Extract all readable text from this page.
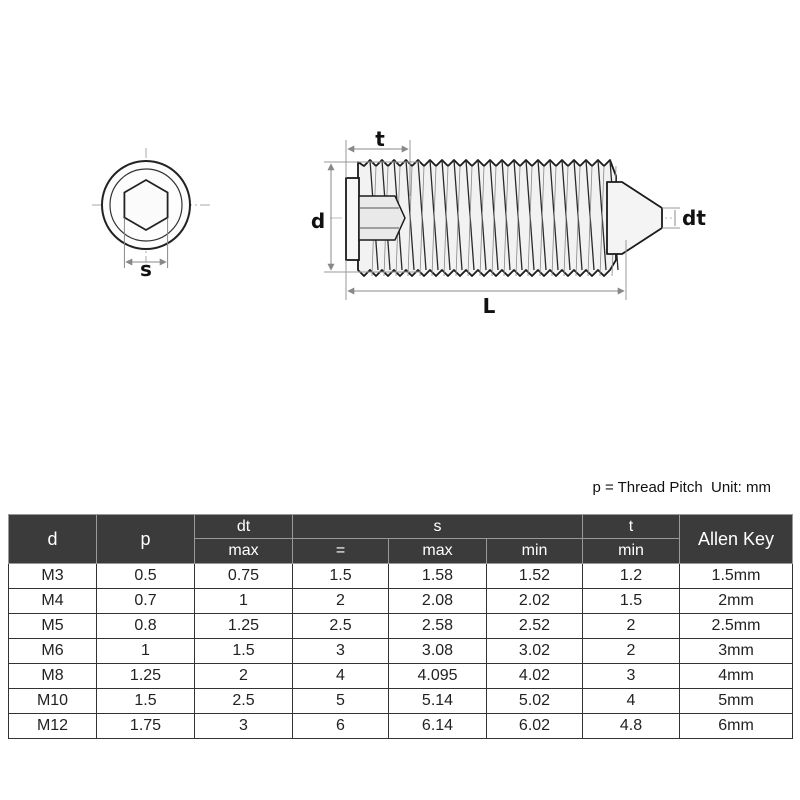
s
t
d	dt
L
p = Thread Pitch  Unit: mm
d	p	dt	s			t	Allen Key
		max	=	max	min	min	
M3	0.5	0.75	1.5	1.58	1.52	1.2	1.5mm
M4	0.7	1	2	2.08	2.02	1.5	2mm
M5	0.8	1.25	2.5	2.58	2.52	2	2.5mm
M6	1	1.5	3	3.08	3.02	2	3mm
M8	1.25	2	4	4.095	4.02	3	4mm
M10	1.5	2.5	5	5.14	5.02	4	5mm
M12	1.75	3	6	6.14	6.02	4.8	6mm
